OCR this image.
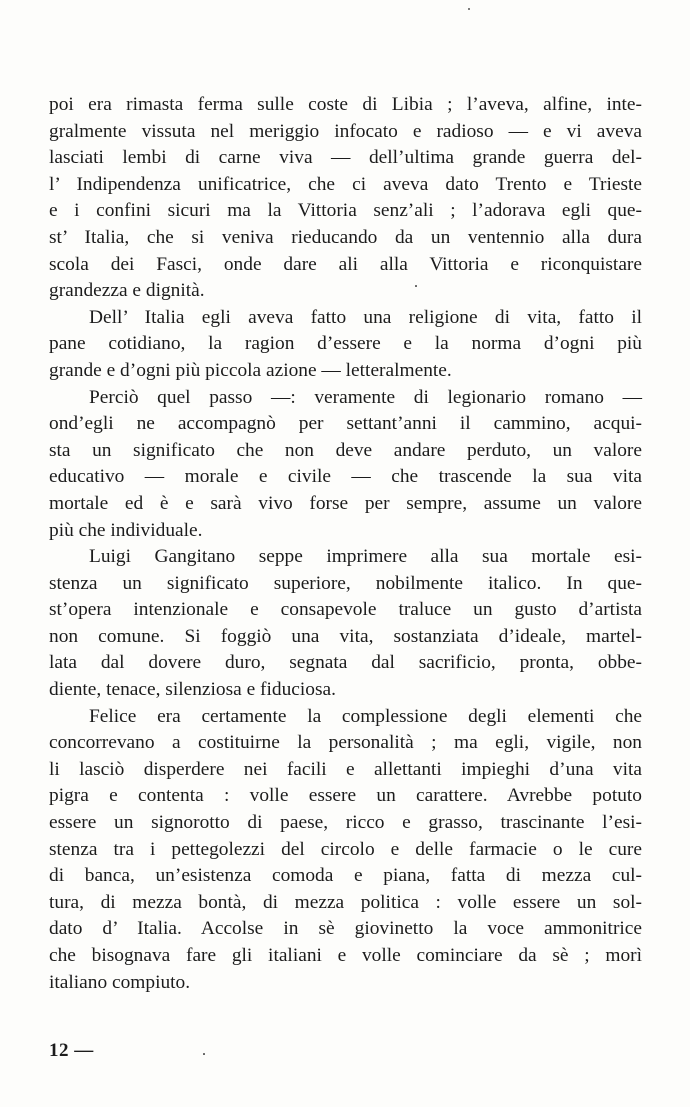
poi era rimasta ferma sulle coste di Libia ; l’aveva, alfine, inte-
gralmente vissuta nel meriggio infocato e radioso — e vi aveva
lasciati lembi di carne viva — dell’ultima grande guerra del-
l’ Indipendenza unificatrice, che ci aveva dato Trento e Trieste
e i confini sicuri ma la Vittoria senz’ali ; l’adorava egli que-
st’ Italia, che si veniva rieducando da un ventennio alla dura
scola dei Fasci, onde dare ali alla Vittoria e riconquistare
grandezza e dignità.
Dell’ Italia egli aveva fatto una religione di vita, fatto il
pane cotidiano, la ragion d’essere e la norma d’ogni più
grande e d’ogni più piccola azione — letteralmente.
Perciò quel passo —: veramente di legionario romano —
ond’egli ne accompagnò per settant’anni il cammino, acqui-
sta un significato che non deve andare perduto, un valore
educativo — morale e civile — che trascende la sua vita
mortale ed è e sarà vivo forse per sempre, assume un valore
più che individuale.
Luigi Gangitano seppe imprimere alla sua mortale esi-
stenza un significato superiore, nobilmente italico. In que-
st’opera intenzionale e consapevole traluce un gusto d’artista
non comune. Si foggiò una vita, sostanziata d’ideale, martel-
lata dal dovere duro, segnata dal sacrificio, pronta, obbe-
diente, tenace, silenziosa e fiduciosa.
Felice era certamente la complessione degli elementi che
concorrevano a costituirne la personalità ; ma egli, vigile, non
li lasciò disperdere nei facili e allettanti impieghi d’una vita
pigra e contenta : volle essere un carattere. Avrebbe potuto
essere un signorotto di paese, ricco e grasso, trascinante l’esi-
stenza tra i pettegolezzi del circolo e delle farmacie o le cure
di banca, un’esistenza comoda e piana, fatta di mezza cul-
tura, di mezza bontà, di mezza politica : volle essere un sol-
dato d’ Italia. Accolse in sè giovinetto la voce ammonitrice
che bisognava fare gli italiani e volle cominciare da sè ; morì
italiano compiuto.
12 —
